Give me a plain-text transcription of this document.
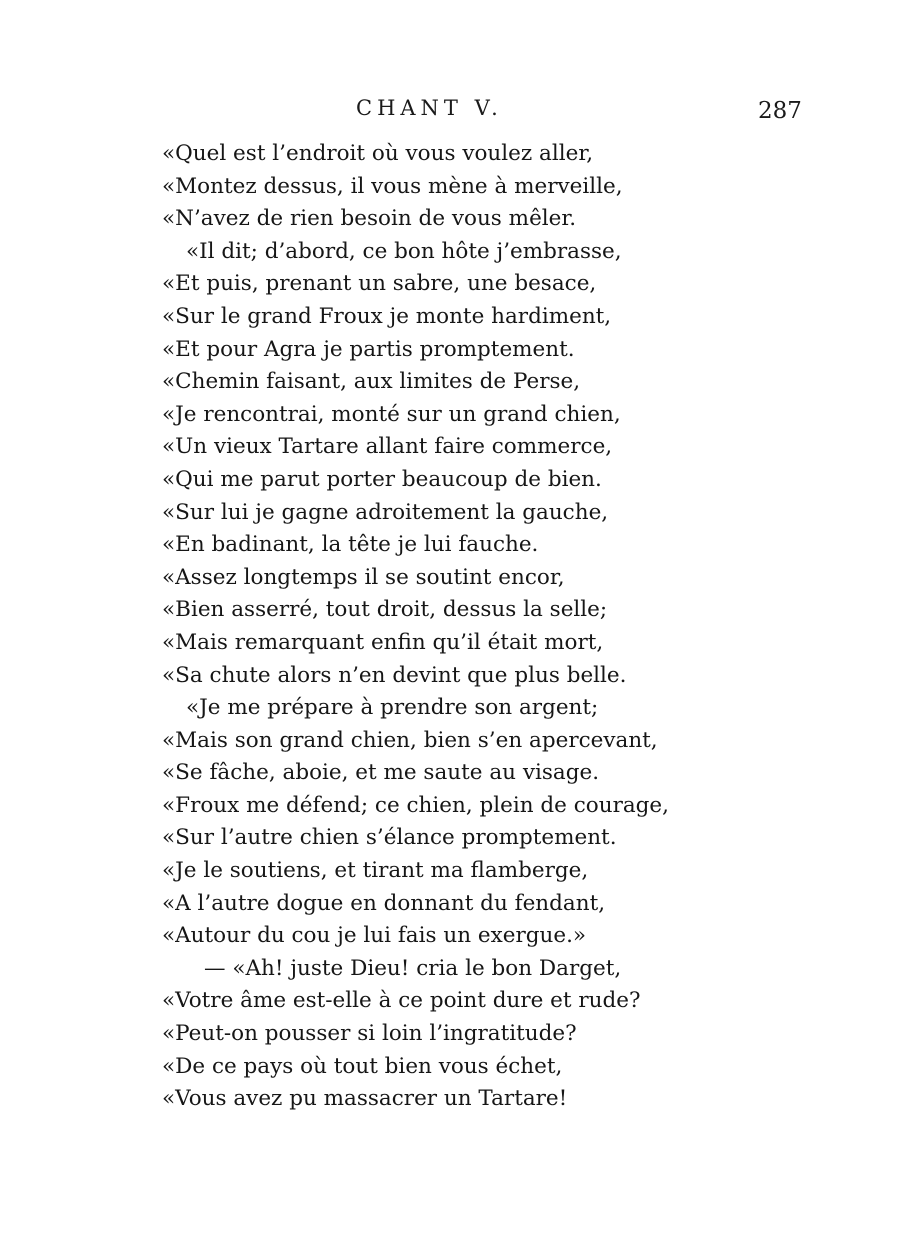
CHANT V.	287
«Quel est l’endroit où vous voulez aller,
«Montez dessus, il vous mène à merveille,
«N’avez de rien besoin de vous mêler.
«Il dit; d’abord, ce bon hôte j’embrasse,
«Et puis, prenant un sabre, une besace,
«Sur le grand Froux je monte hardiment,
«Et pour Agra je partis promptement.
«Chemin faisant, aux limites de Perse,
«Je rencontrai, monté sur un grand chien,
«Un vieux Tartare allant faire commerce,
«Qui me parut porter beaucoup de bien.
«Sur lui je gagne adroitement la gauche,
«En badinant, la tête je lui fauche.
«Assez longtemps il se soutint encor,
«Bien asserré, tout droit, dessus la selle;
«Mais remarquant enfin qu’il était mort,
«Sa chute alors n’en devint que plus belle.
«Je me prépare à prendre son argent;
«Mais son grand chien, bien s’en apercevant,
«Se fâche, aboie, et me saute au visage.
«Froux me défend; ce chien, plein de courage,
«Sur l’autre chien s’élance promptement.
«Je le soutiens, et tirant ma flamberge,
«A l’autre dogue en donnant du fendant,
«Autour du cou je lui fais un exergue.»
— «Ah! juste Dieu! cria le bon Darget,
«Votre âme est-elle à ce point dure et rude?
«Peut-on pousser si loin l’ingratitude?
«De ce pays où tout bien vous échet,
«Vous avez pu massacrer un Tartare!
